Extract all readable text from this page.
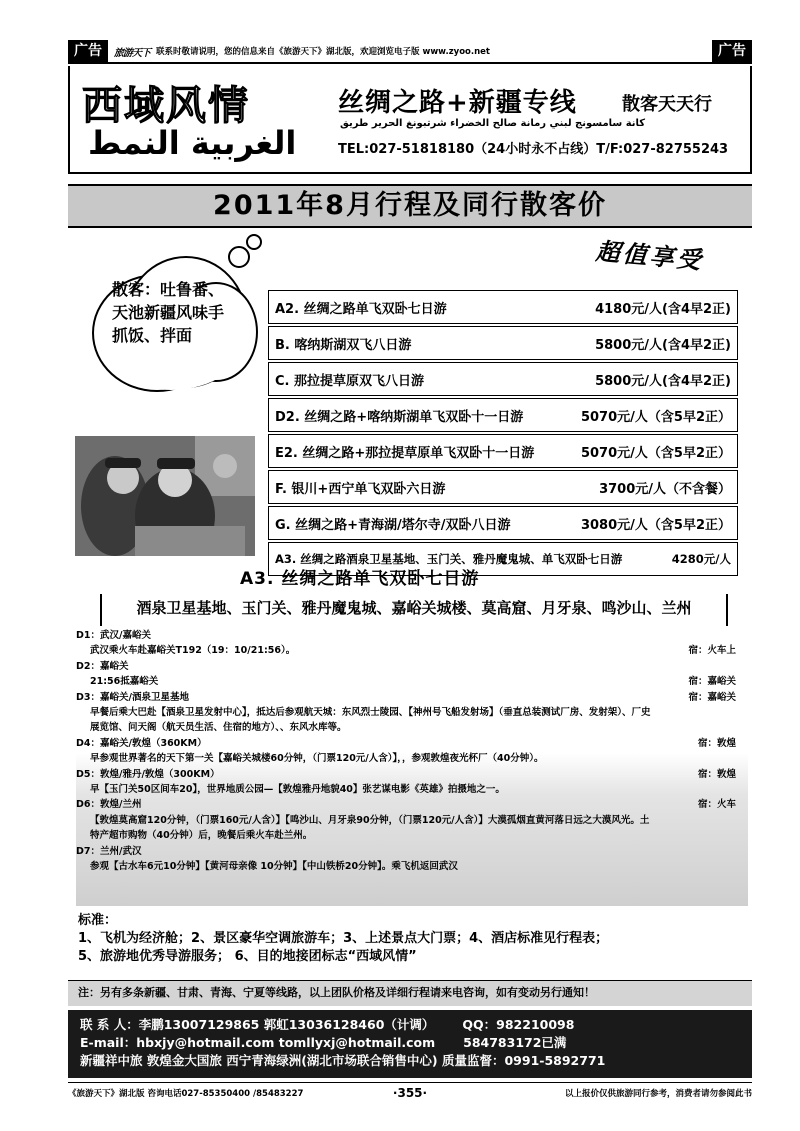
广告	旅游天下 联系时敬请说明，您的信息来自《旅游天下》湖北版，欢迎浏览电子版 www.zyoo.net	广告
西域风情
الغربية النمط
丝绸之路+新疆专线	散客天天行
كانة سامسونج لبني رمانة صالح الخضراء شرتبونغ الحرير طريق
TEL:027-51818180（24小时永不占线）T/F:027-82755243
2011年8月行程及同行散客价
超值享受
散客：吐鲁番、天池新疆风味手抓饭、拌面
A2. 丝绸之路单飞双卧七日游	4180元/人(含4早2正)
B. 喀纳斯湖双飞八日游	5800元/人(含4早2正)
C. 那拉提草原双飞八日游	5800元/人(含4早2正)
D2. 丝绸之路+喀纳斯湖单飞双卧十一日游	5070元/人（含5早2正）
E2. 丝绸之路+那拉提草原单飞双卧十一日游	5070元/人（含5早2正）
F. 银川+西宁单飞双卧六日游	3700元/人（不含餐）
G. 丝绸之路+青海湖/塔尔寺/双卧八日游	3080元/人（含5早2正）
A3. 丝绸之路酒泉卫星基地、玉门关、雅丹魔鬼城、单飞双卧七日游	4280元/人
A3. 丝绸之路单飞双卧七日游
酒泉卫星基地、玉门关、雅丹魔鬼城、嘉峪关城楼、莫高窟、月牙泉、鸣沙山、兰州
D1：武汉/嘉峪关
武汉乘火车赴嘉峪关T192（19：10/21:56）。	宿：火车上
D2：嘉峪关
21:56抵嘉峪关	宿：嘉峪关
D3：嘉峪关/酒泉卫星基地	宿：嘉峪关
早餐后乘大巴赴【酒泉卫星发射中心】，抵达后参观航天城：东风烈士陵园、【神州号飞船发射场】（垂直总装测试厂房、发射架）、厂史展览馆、问天阁（航天员生活、住宿的地方）、、东风水库等。
D4：嘉峪关/敦煌（360KM）	宿：敦煌
早参观世界著名的天下第一关【嘉峪关城楼60分钟，（门票120元/人含）】，，参观敦煌夜光杯厂（40分钟）。
D5：敦煌/雅丹/敦煌（300KM）	宿：敦煌
早【玉门关50区间车20】，世界地质公园—【敦煌雅丹地貌40】张艺谋电影《英雄》拍摄地之一。
D6：敦煌/兰州	宿：火车
【敦煌莫高窟120分钟，（门票160元/人含）】【鸣沙山、月牙泉90分钟，（门票120元/人含）】大漠孤烟直黄河落日远之大漠风光。土特产超市购物（40分钟）后，晚餐后乘火车赴兰州。
D7：兰州/武汉
参观【古水车6元10分钟】【黄河母亲像 10分钟】【中山铁桥20分钟】。乘飞机返回武汉
标准：
1、飞机为经济舱；2、景区豪华空调旅游车；3、上述景点大门票；4、酒店标准见行程表；
5、旅游地优秀导游服务； 6、目的地接团标志“西域风情”
注：另有多条新疆、甘肃、青海、宁夏等线路，以上团队价格及详细行程请来电咨询，如有变动另行通知！
联 系 人：李鹏13007129865 郭虹13036128460（计调） QQ：982210098
E-mail：hbxjy@hotmail.com tomllyxj@hotmail.com 584783172已满
新疆祥中旅 敦煌金大国旅 西宁青海绿洲(湖北市场联合销售中心) 质量监督：0991-5892771
《旅游天下》湖北版 咨询电话027-85350400 /85483227	·355·	以上报价仅供旅游同行参考，消费者请勿参阅此书
